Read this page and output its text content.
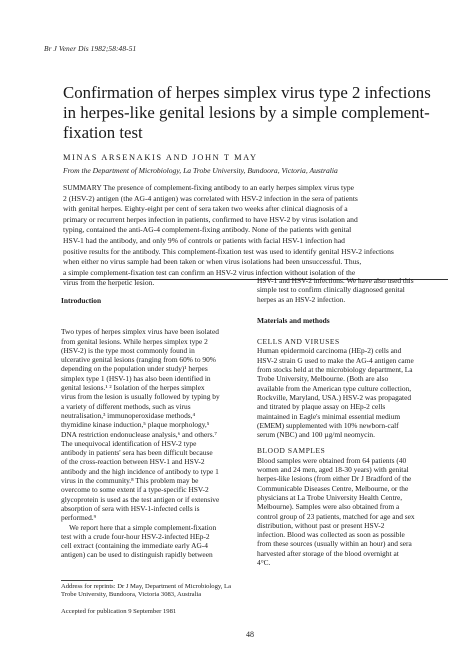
Br J Vener Dis 1982;58:48-51
Confirmation of herpes simplex virus type 2 infections in herpes-like genital lesions by a simple complement-fixation test
MINAS ARSENAKIS AND JOHN T MAY
From the Department of Microbiology, La Trobe University, Bundoora, Victoria, Australia
SUMMARY The presence of complement-fixing antibody to an early herpes simplex virus type
2 (HSV-2) antigen (the AG-4 antigen) was correlated with HSV-2 infection in the sera of patients
with genital herpes. Eighty-eight per cent of sera taken two weeks after clinical diagnosis of a
primary or recurrent herpes infection in patients, confirmed to have HSV-2 by virus isolation and
typing, contained the anti-AG-4 complement-fixing antibody. None of the patients with genital
HSV-1 had the antibody, and only 9% of controls or patients with facial HSV-1 infection had
positive results for the antibody. This complement-fixation test was used to identify genital HSV-2 infections
when either no virus sample had been taken or when virus isolations had been unsuccessful. Thus,
a simple complement-fixation test can confirm an HSV-2 virus infection without isolation of the
virus from the herpetic lesion.
Introduction
Two types of herpes simplex virus have been isolated
from genital lesions. While herpes simplex type 2
(HSV-2) is the type most commonly found in
ulcerative genital lesions (ranging from 60% to 90%
depending on the population under study)¹ herpes
simplex type 1 (HSV-1) has also been identified in
genital lesions.¹ ² Isolation of the herpes simplex
virus from the lesion is usually followed by typing by
a variety of different methods, such as virus
neutralisation,³ immunoperoxidase methods,⁴
thymidine kinase induction,⁵ plaque morphology,⁵
DNA restriction endonuclease analysis,⁶ and others.⁷
The unequivocal identification of HSV-2 type
antibody in patients' sera has been difficult because
of the cross-reaction between HSV-1 and HSV-2
antibody and the high incidence of antibody to type 1
virus in the community.⁸ This problem may be
overcome to some extent if a type-specific HSV-2
glycoprotein is used as the test antigen or if extensive
absorption of sera with HSV-1-infected cells is
performed.⁹
We report here that a simple complement-fixation
test with a crude four-hour HSV-2-infected HEp-2
cell extract (containing the immediate early AG-4
antigen) can be used to distinguish rapidly between
Address for reprints: Dr J May, Department of Microbiology, La
Trobe University, Bundoora, Victoria 3083, Australia

Accepted for publication 9 September 1981
HSV-1 and HSV-2 infections. We have also used this
simple test to confirm clinically diagnosed genital
herpes as an HSV-2 infection.
Materials and methods
CELLS AND VIRUSES
Human epidermoid carcinoma (HEp-2) cells and
HSV-2 strain G used to make the AG-4 antigen came
from stocks held at the microbiology department, La
Trobe University, Melbourne. (Both are also
available from the American type culture collection,
Rockville, Maryland, USA.) HSV-2 was propagated
and titrated by plaque assay on HEp-2 cells
maintained in Eagle's minimal essential medium
(EMEM) supplemented with 10% newborn-calf
serum (NBC) and 100 µg/ml neomycin.
BLOOD SAMPLES
Blood samples were obtained from 64 patients (40
women and 24 men, aged 18-30 years) with genital
herpes-like lesions (from either Dr J Bradford of the
Communicable Diseases Centre, Melbourne, or the
physicians at La Trobe University Health Centre,
Melbourne). Samples were also obtained from a
control group of 23 patients, matched for age and sex
distribution, without past or present HSV-2
infection. Blood was collected as soon as possible
from these sources (usually within an hour) and sera
harvested after storage of the blood overnight at
4°C.
48
